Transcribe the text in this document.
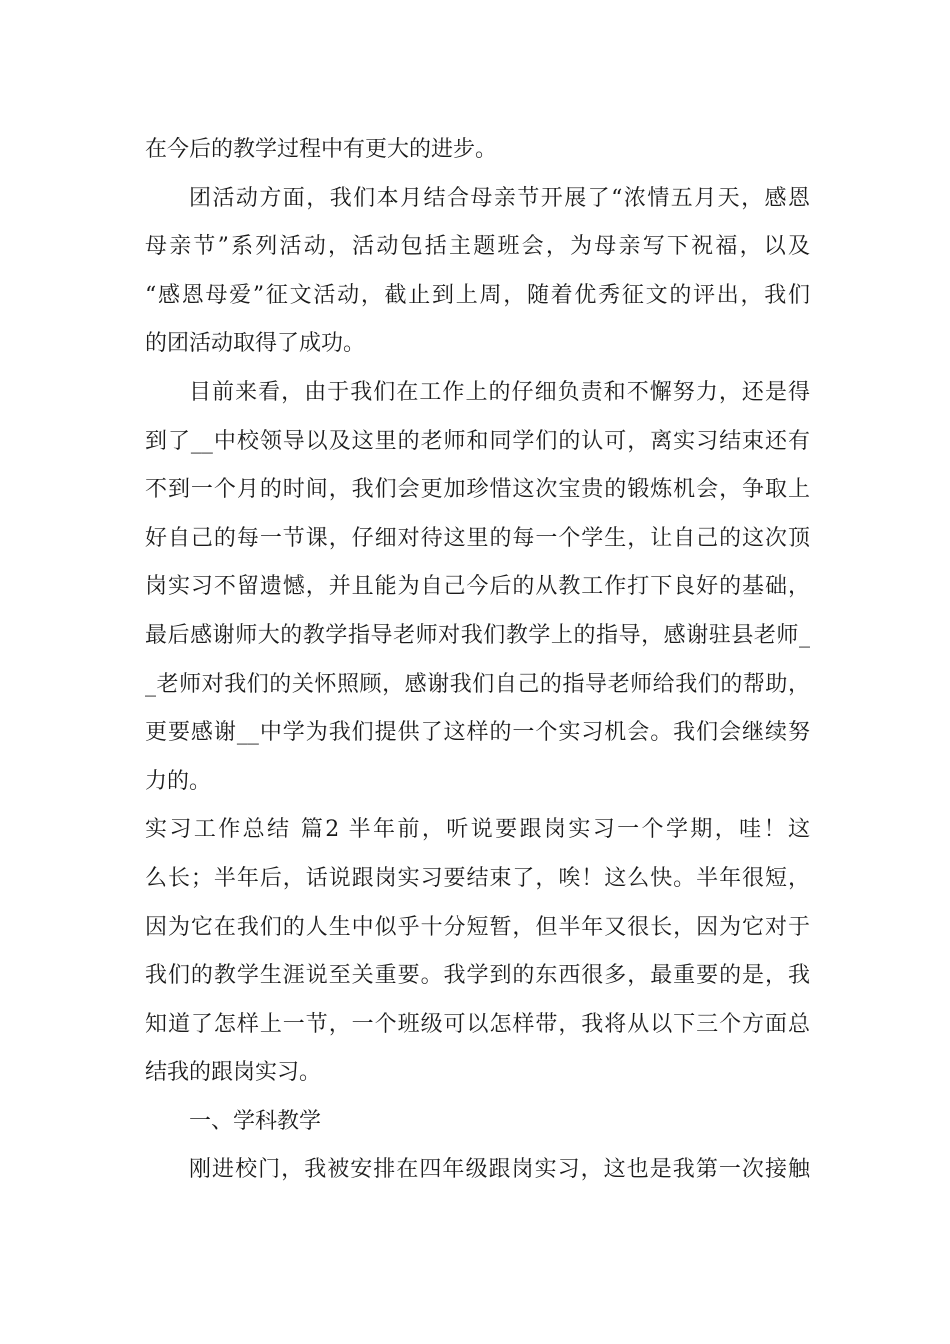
在今后的教学过程中有更大的进步。
团活动方面，我们本月结合母亲节开展了“浓情五月天，感恩
母亲节”系列活动，活动包括主题班会，为母亲写下祝福，以及
“感恩母爱”征文活动，截止到上周，随着优秀征文的评出，我们
的团活动取得了成功。
目前来看，由于我们在工作上的仔细负责和不懈努力，还是得
到了__中校领导以及这里的老师和同学们的认可，离实习结束还有
不到一个月的时间，我们会更加珍惜这次宝贵的锻炼机会，争取上
好自己的每一节课，仔细对待这里的每一个学生，让自己的这次顶
岗实习不留遗憾，并且能为自己今后的从教工作打下良好的基础，
最后感谢师大的教学指导老师对我们教学上的指导，感谢驻县老师_
_老师对我们的关怀照顾，感谢我们自己的指导老师给我们的帮助，
更要感谢__中学为我们提供了这样的一个实习机会。我们会继续努
力的。
实习工作总结 篇2 半年前，听说要跟岗实习一个学期，哇！这
么长；半年后，话说跟岗实习要结束了，唉！这么快。半年很短，
因为它在我们的人生中似乎十分短暂，但半年又很长，因为它对于
我们的教学生涯说至关重要。我学到的东西很多，最重要的是，我
知道了怎样上一节，一个班级可以怎样带，我将从以下三个方面总
结我的跟岗实习。
一、学科教学
刚进校门，我被安排在四年级跟岗实习，这也是我第一次接触
